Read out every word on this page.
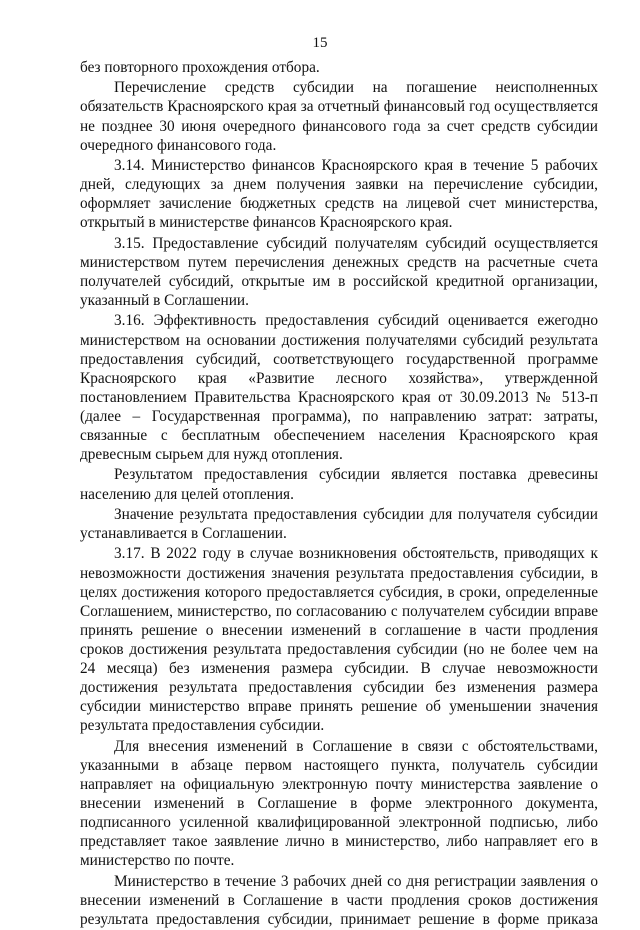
15

без повторного прохождения отбора.

Перечисление средств субсидии на погашение неисполненных обязательств Красноярского края за отчетный финансовый год осуществляется не позднее 30 июня очередного финансового года за счет средств субсидии очередного финансового года.

3.14. Министерство финансов Красноярского края в течение 5 рабочих дней, следующих за днем получения заявки на перечисление субсидии, оформляет зачисление бюджетных средств на лицевой счет министерства, открытый в министерстве финансов Красноярского края.

3.15. Предоставление субсидий получателям субсидий осуществляется министерством путем перечисления денежных средств на расчетные счета получателей субсидий, открытые им в российской кредитной организации, указанный в Соглашении.

3.16. Эффективность предоставления субсидий оценивается ежегодно министерством на основании достижения получателями субсидий результата предоставления субсидий, соответствующего государственной программе Красноярского края «Развитие лесного хозяйства», утвержденной постановлением Правительства Красноярского края от 30.09.2013 № 513-п (далее – Государственная программа), по направлению затрат: затраты, связанные с бесплатным обеспечением населения Красноярского края древесным сырьем для нужд отопления.

Результатом предоставления субсидии является поставка древесины населению для целей отопления.

Значение результата предоставления субсидии для получателя субсидии устанавливается в Соглашении.

3.17. В 2022 году в случае возникновения обстоятельств, приводящих к невозможности достижения значения результата предоставления субсидии, в целях достижения которого предоставляется субсидия, в сроки, определенные Соглашением, министерство, по согласованию с получателем субсидии вправе принять решение о внесении изменений в соглашение в части продления сроков достижения результата предоставления субсидии (но не более чем на 24 месяца) без изменения размера субсидии. В случае невозможности достижения результата предоставления субсидии без изменения размера субсидии министерство вправе принять решение об уменьшении значения результата предоставления субсидии.

Для внесения изменений в Соглашение в связи с обстоятельствами, указанными в абзаце первом настоящего пункта, получатель субсидии направляет на официальную электронную почту министерства заявление о внесении изменений в Соглашение в форме электронного документа, подписанного усиленной квалифицированной электронной подписью, либо представляет такое заявление лично в министерство, либо направляет его в министерство по почте.

Министерство в течение 3 рабочих дней со дня регистрации заявления о внесении изменений в Соглашение в части продления сроков достижения результата предоставления субсидии, принимает решение в форме приказа
